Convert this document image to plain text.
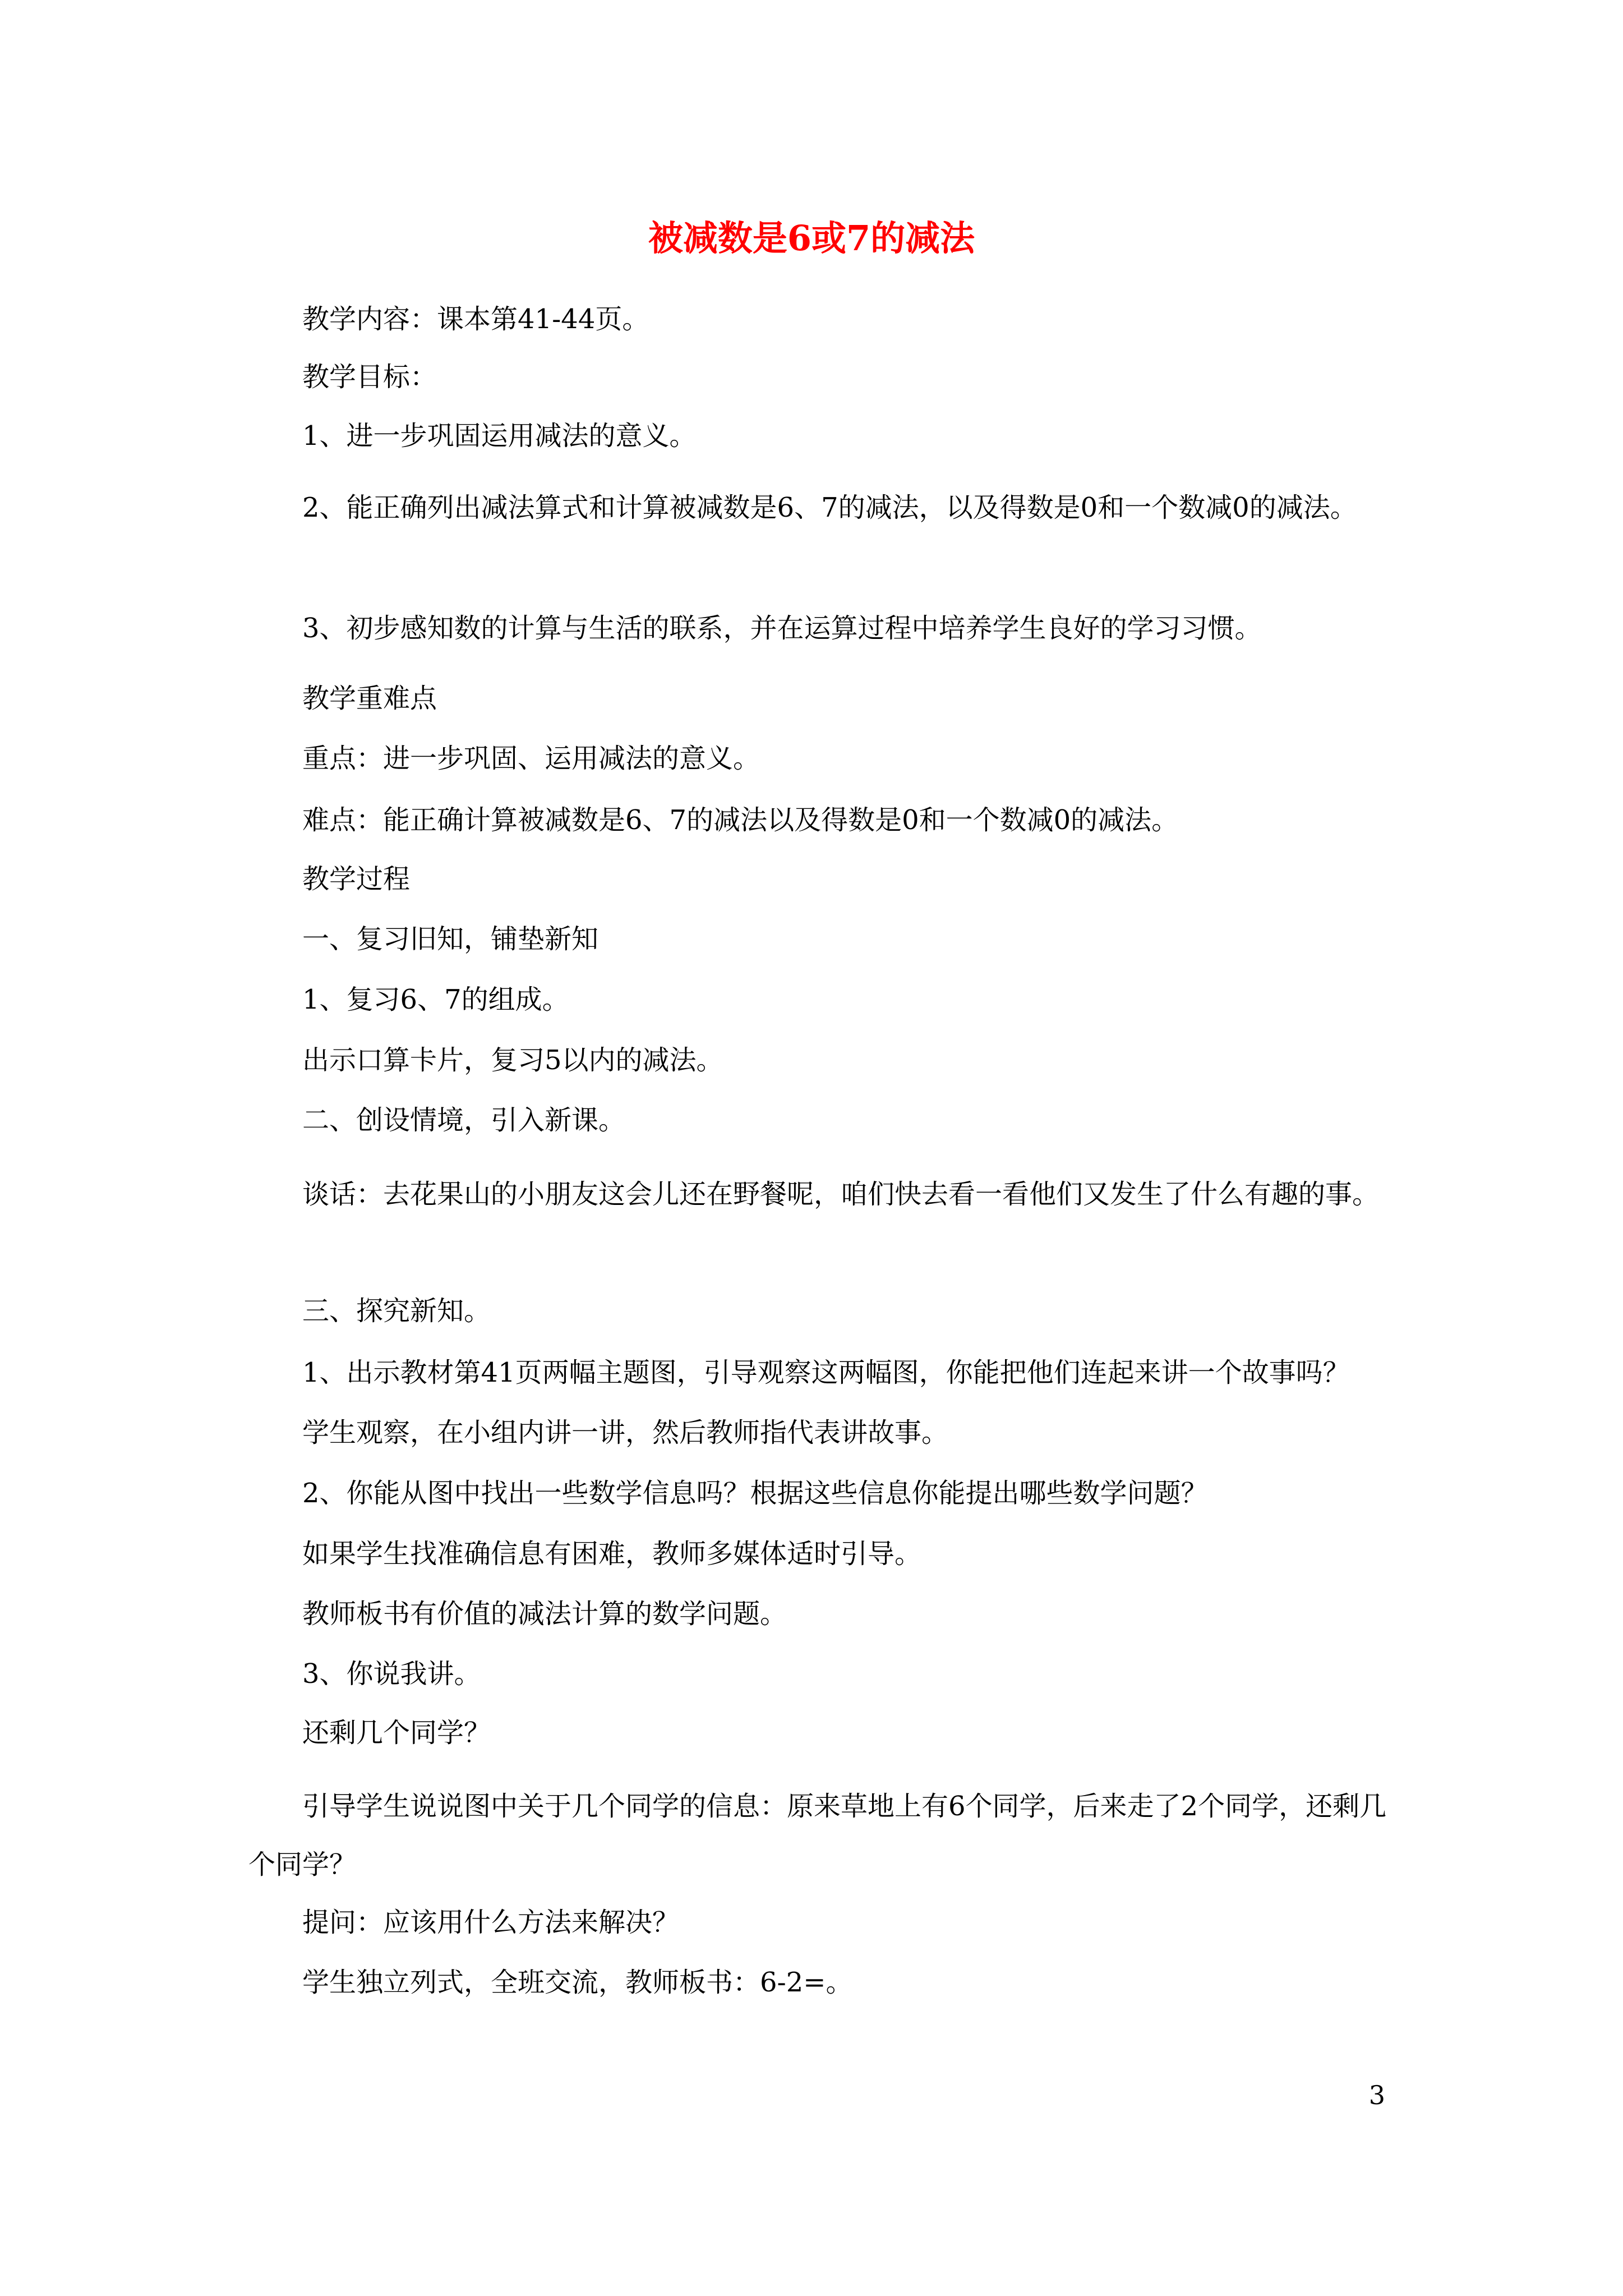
被减数是6或7的减法

教学内容：课本第41-44页。

教学目标：

1、进一步巩固运用减法的意义。

2、能正确列出减法算式和计算被减数是6、7的减法，以及得数是0和一个数减0的减法。

3、初步感知数的计算与生活的联系，并在运算过程中培养学生良好的学习习惯。

教学重难点

重点：进一步巩固、运用减法的意义。

难点：能正确计算被减数是6、7的减法以及得数是0和一个数减0的减法。

教学过程

一、复习旧知，铺垫新知

1、复习6、7的组成。

出示口算卡片，复习5以内的减法。

二、创设情境，引入新课。

谈话：去花果山的小朋友这会儿还在野餐呢，咱们快去看一看他们又发生了什么有趣的事。

三、探究新知。

1、出示教材第41页两幅主题图，引导观察这两幅图，你能把他们连起来讲一个故事吗？

学生观察，在小组内讲一讲，然后教师指代表讲故事。

2、你能从图中找出一些数学信息吗？根据这些信息你能提出哪些数学问题？

如果学生找准确信息有困难，教师多媒体适时引导。

教师板书有价值的减法计算的数学问题。

3、你说我讲。

还剩几个同学？

引导学生说说图中关于几个同学的信息：原来草地上有6个同学，后来走了2个同学，还剩几个同学？

提问：应该用什么方法来解决？

学生独立列式，全班交流，教师板书：6-2=。

3
